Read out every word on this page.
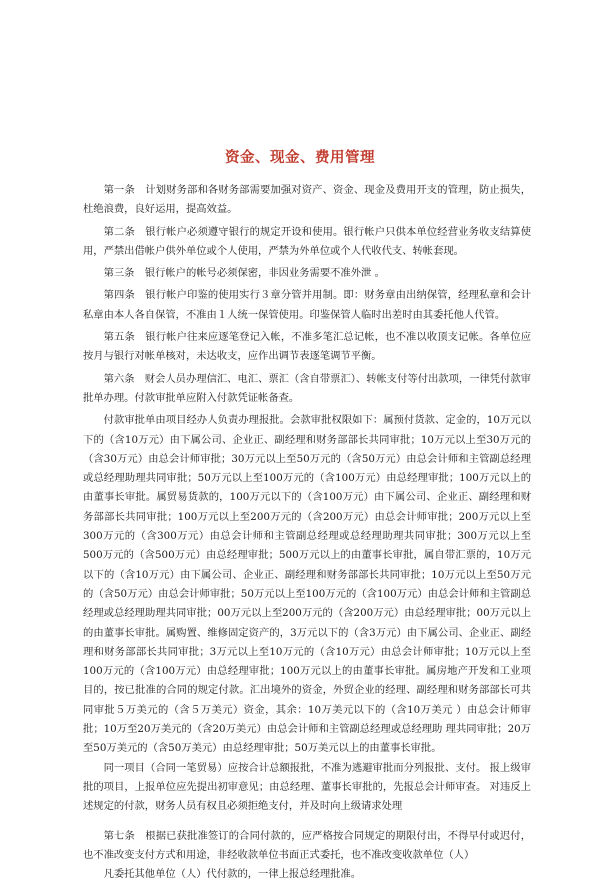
资金、现金、费用管理

第一条　计划财务部和各财务部需要加强对资产、资金、现金及费用开支的管理，防止损失，杜绝浪费，良好运用，提高效益。

第二条　银行帐户必须遵守银行的规定开设和使用。银行帐户只供本单位经营业务收支结算使用，严禁出借帐户供外单位或个人使用，严禁为外单位或个人代收代支、转帐套现。

第三条　银行帐户的帐号必须保密，非因业务需要不准外泄 。

第四条　银行帐户印鉴的使用实行３章分管并用制。即：财务章由出纳保管，经理私章和会计私章由本人各自保管，不准由１人统一保管使用。印鉴保管人临时出差时由其委托他人代管。

第五条　银行帐户往来应逐笔登记入帐，不准多笔汇总记帐，也不准以收顶支记帐。各单位应按月与银行对帐单核对，未达收支，应作出调节表逐笔调节平衡。

第六条　财会人员办理信汇、电汇、票汇（含自带票汇）、转帐支付等付出款项，一律凭付款审批单办理。付款审批单应附入付款凭证帐备查。

付款审批单由项目经办人负责办理报批。会款审批权限如下：属预付货款、定金的，10万元以下的（含10万元）由下属公司、企业正、副经理和财务部部长共同审批；10万元以上至30万元的（含30万元）由总会计师审批；30万元以上至50万元的（含50万元）由总会计师和主管副总经理或总经理助理共同审批；50万元以上至100万元的（含100万元）由总经理审批；100万元以上的由董事长审批。属贸易货款的，100万元以下的（含100万元）由下属公司、企业正、副经理和财务部部长共同审批；100万元以上至200万元的（含200万元）由总会计师审批；200万元以上至300万元的（含300万元）由总会计师和主管副总经理或总经理助理共同审批；300万元以上至500万元的（含500万元）由总经理审批；500万元以上的由董事长审批，属自带汇票的，10万元以下的（含10万元）由下属公司、企业正、副经理和财务部部长共同审批；10万元以上至50万元的（含50万元）由总会计师审批；50万元以上至100万元的（含100万元）由总会计师和主管副总经理或总经理助理共同审批；00万元以上至200万元的（含200万元）由总经理审批；00万元以上的由董事长审批。属购置、维修固定资产的，3万元以下的（含3万元）由下属公司、企业正、副经理和财务部部长共同审批；3万元以上至10万元的（含10万元）由总会计师审批；10万元以上至100万元的（含100万元）由总经理审批；100万元以上的由董事长审批。属房地产开发和工业项目的，按已批准的合同的规定付款。汇出境外的资金，外贸企业的经理、副经理和财务部部长可共同审批５万美元的（含５万美元）资金，其余：10万美元以下的（含10万美元 ）由总会计师审批；10万至20万美元的（含20万美元）由总会计师和主管副总经理或总经理助 理共同审批；20万至50万美元的（含50万美元）由总经理审批；50万美元以上的由董事长审批。

同一项目（合同一笔贸易）应按合计总额报批，不准为逃避审批而分列报批、支付。 报上级审批的项目，上报单位应先提出初审意见；由总经理、董事长审批的，先报总会计师审查。 对违反上述规定的付款，财务人员有权且必须拒绝支付，并及时向上级请求处理

第七条　根据已获批准签订的合同付款的，应严格按合同规定的期限付出，不得早付或迟付，也不准改变支付方式和用途，非经收款单位书面正式委托，也不准改变收款单位（人）

凡委托其他单位（人）代付款的，一律上报总经理批准。
